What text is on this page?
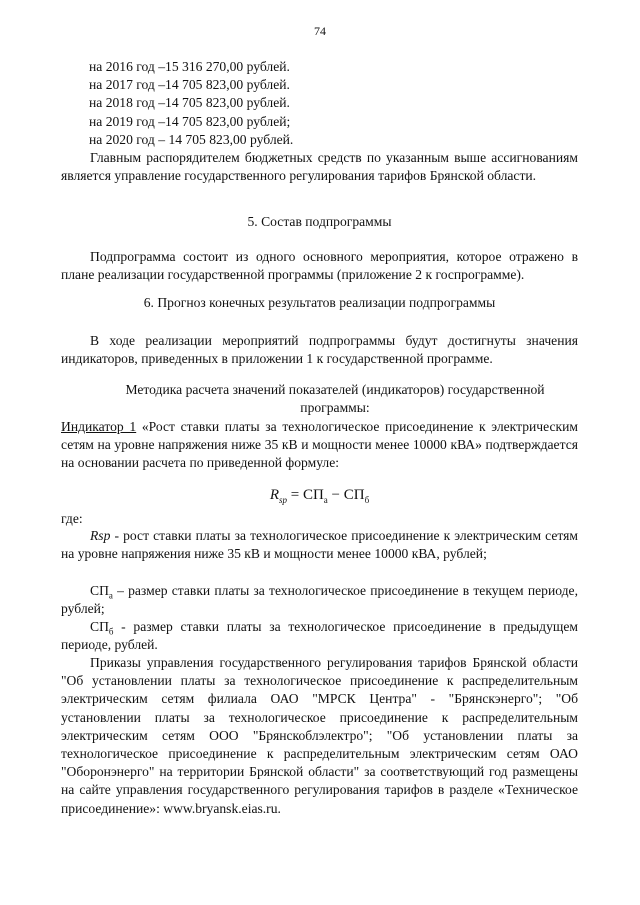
74
на 2016 год –15 316 270,00 рублей.
на 2017 год –14 705 823,00 рублей.
на 2018 год –14 705 823,00 рублей.
на 2019 год –14 705 823,00 рублей;
на 2020 год – 14 705 823,00 рублей.
Главным распорядителем бюджетных средств по указанным выше ассигнованиям является управление государственного регулирования тарифов Брянской области.
5. Состав подпрограммы
Подпрограмма состоит из одного основного мероприятия, которое отражено в плане реализации государственной программы (приложение 2 к госпрограмме).
6. Прогноз конечных результатов реализации подпрограммы
В ходе реализации мероприятий подпрограммы будут достигнуты значения индикаторов, приведенных в приложении 1 к государственной программе.
Методика расчета значений показателей (индикаторов) государственной программы:
Индикатор 1 «Рост ставки платы за технологическое присоединение к электрическим сетям на уровне напряжения ниже 35 кВ и мощности менее 10000 кВА» подтверждается на основании расчета по приведенной формуле:
$R_{sp} = СП_а - СП_б$
где:
Rsp - рост ставки платы за технологическое присоединение к электрическим сетям на уровне напряжения ниже 35 кВ и мощности менее 10000 кВА, рублей;
$СП_а$ – размер ставки платы за технологическое присоединение в текущем периоде, рублей;
$СП_б$ - размер ставки платы за технологическое присоединение в предыдущем периоде, рублей.
Приказы управления государственного регулирования тарифов Брянской области "Об установлении платы за технологическое присоединение к распределительным электрическим сетям филиала ОАО "МРСК Центра" - "Брянскэнерго"; "Об установлении платы за технологическое присоединение к распределительным электрическим сетям ООО "Брянскоблэлектро"; "Об установлении платы за технологическое присоединение к распределительным электрическим сетям ОАО "Оборонэнерго" на территории Брянской области" за соответствующий год размещены на сайте управления государственного регулирования тарифов в разделе «Техническое присоединение»: www.bryansk.eias.ru.
